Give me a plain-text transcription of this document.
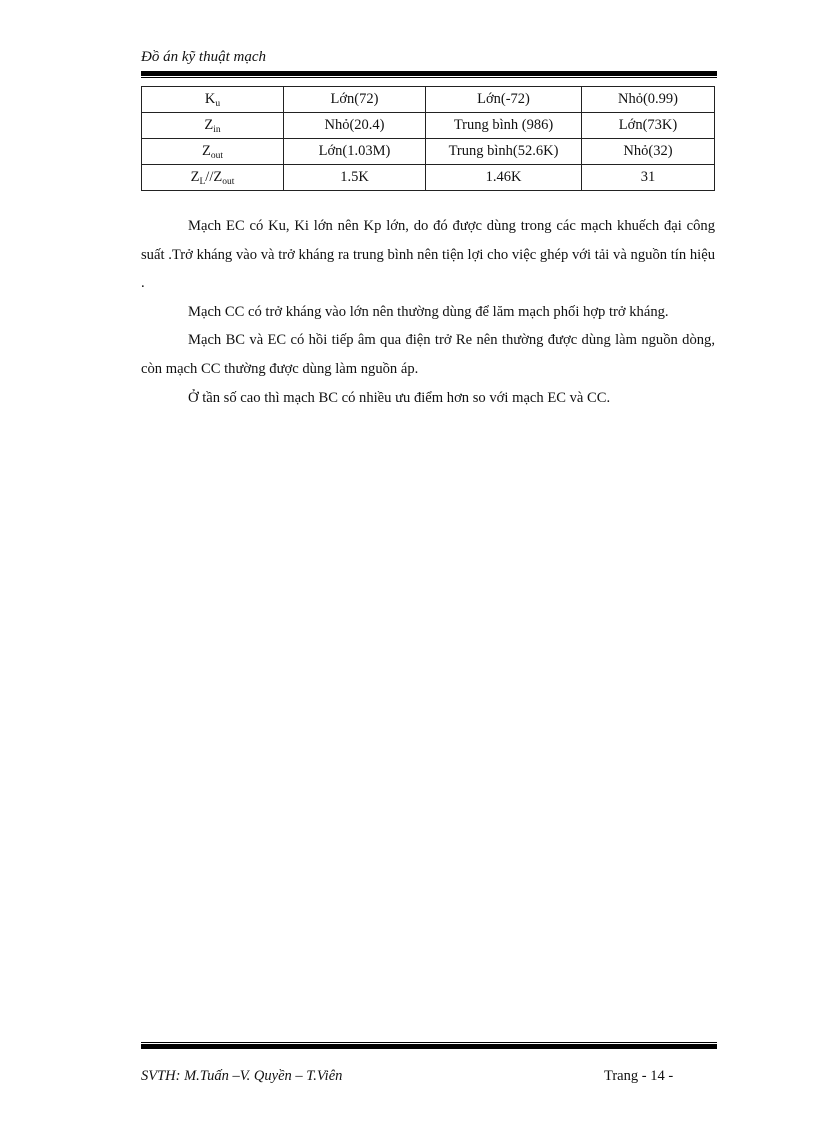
Đồ án kỹ thuật mạch
$K_u$	Lớn(72)	Lớn(-72)	Nhỏ(0.99)
$Z_{in}$	Nhỏ(20.4)	Trung bình (986)	Lớn(73K)
$Z_{out}$	Lớn(1.03M)	Trung bình(52.6K)	Nhỏ(32)
$Z_L//Z_{out}$	1.5K	1.46K	31

Mạch EC có Ku, Ki lớn nên Kp lớn, do đó được dùng trong các mạch khuếch đại công suất .Trở kháng vào và trở kháng ra trung bình nên tiện lợi cho việc ghép với tải và nguồn tín hiệu .

Mạch CC có trở kháng vào lớn nên thường dùng để lăm mạch phối hợp trở kháng.

Mạch BC và EC có hồi tiếp âm qua điện trở Re nên thường được dùng làm nguồn dòng, còn mạch CC thường được dùng làm nguồn áp.

Ở tần số cao thì mạch BC có nhiều ưu điểm hơn so với mạch EC và CC.

SVTH: M.Tuấn –V. Quyền – T.Viên	Trang - 14 -
